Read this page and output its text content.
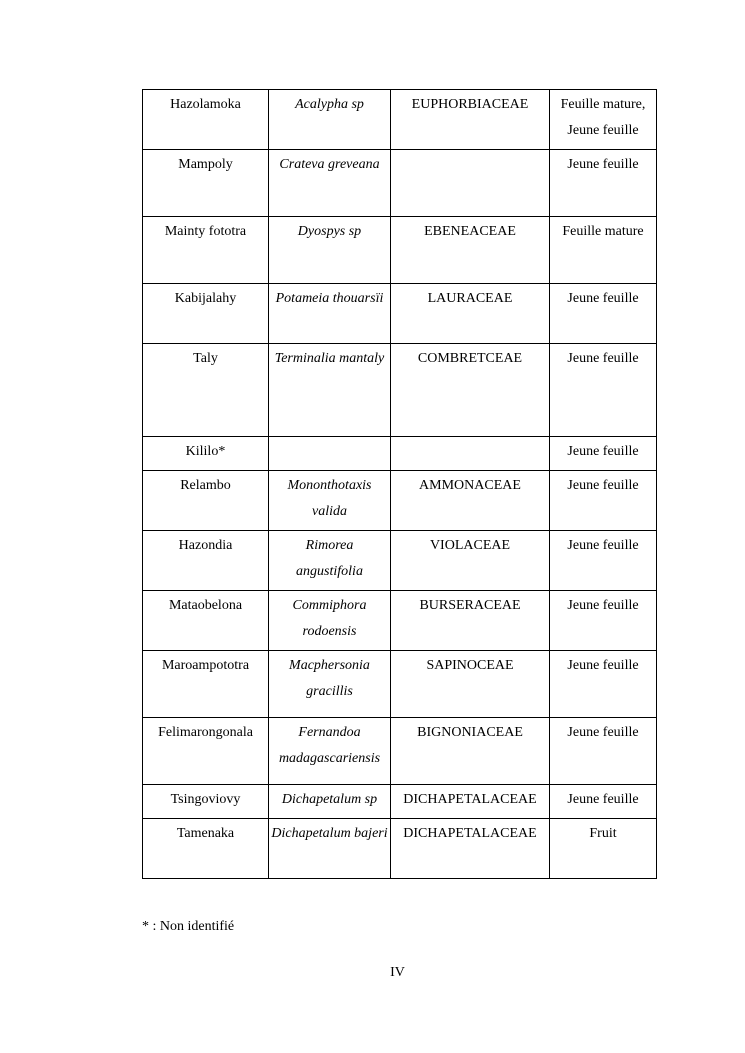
Hazolamoka	Acalypha sp	EUPHORBIACEAE	Feuille mature, Jeune feuille
Mampoly	Crateva greveana		Jeune feuille
Mainty fototra	Dyospys sp	EBENEACEAE	Feuille mature
Kabijalahy	Potameia thouarsïi	LAURACEAE	Jeune feuille
Taly	Terminalia mantaly	COMBRETCEAE	Jeune feuille
Kililo*			Jeune feuille
Relambo	Mononthotaxis valida	AMMONACEAE	Jeune feuille
Hazondia	Rimorea angustifolia	VIOLACEAE	Jeune feuille
Mataobelona	Commiphora rodoensis	BURSERACEAE	Jeune feuille
Maroampototra	Macphersonia gracillis	SAPINOCEAE	Jeune feuille
Felimarongonala	Fernandoa madagascariensis	BIGNONIACEAE	Jeune feuille
Tsingoviovy	Dichapetalum sp	DICHAPETALACEAE	Jeune feuille
Tamenaka	Dichapetalum bajeri	DICHAPETALACEAE	Fruit
* : Non identifié
IV
